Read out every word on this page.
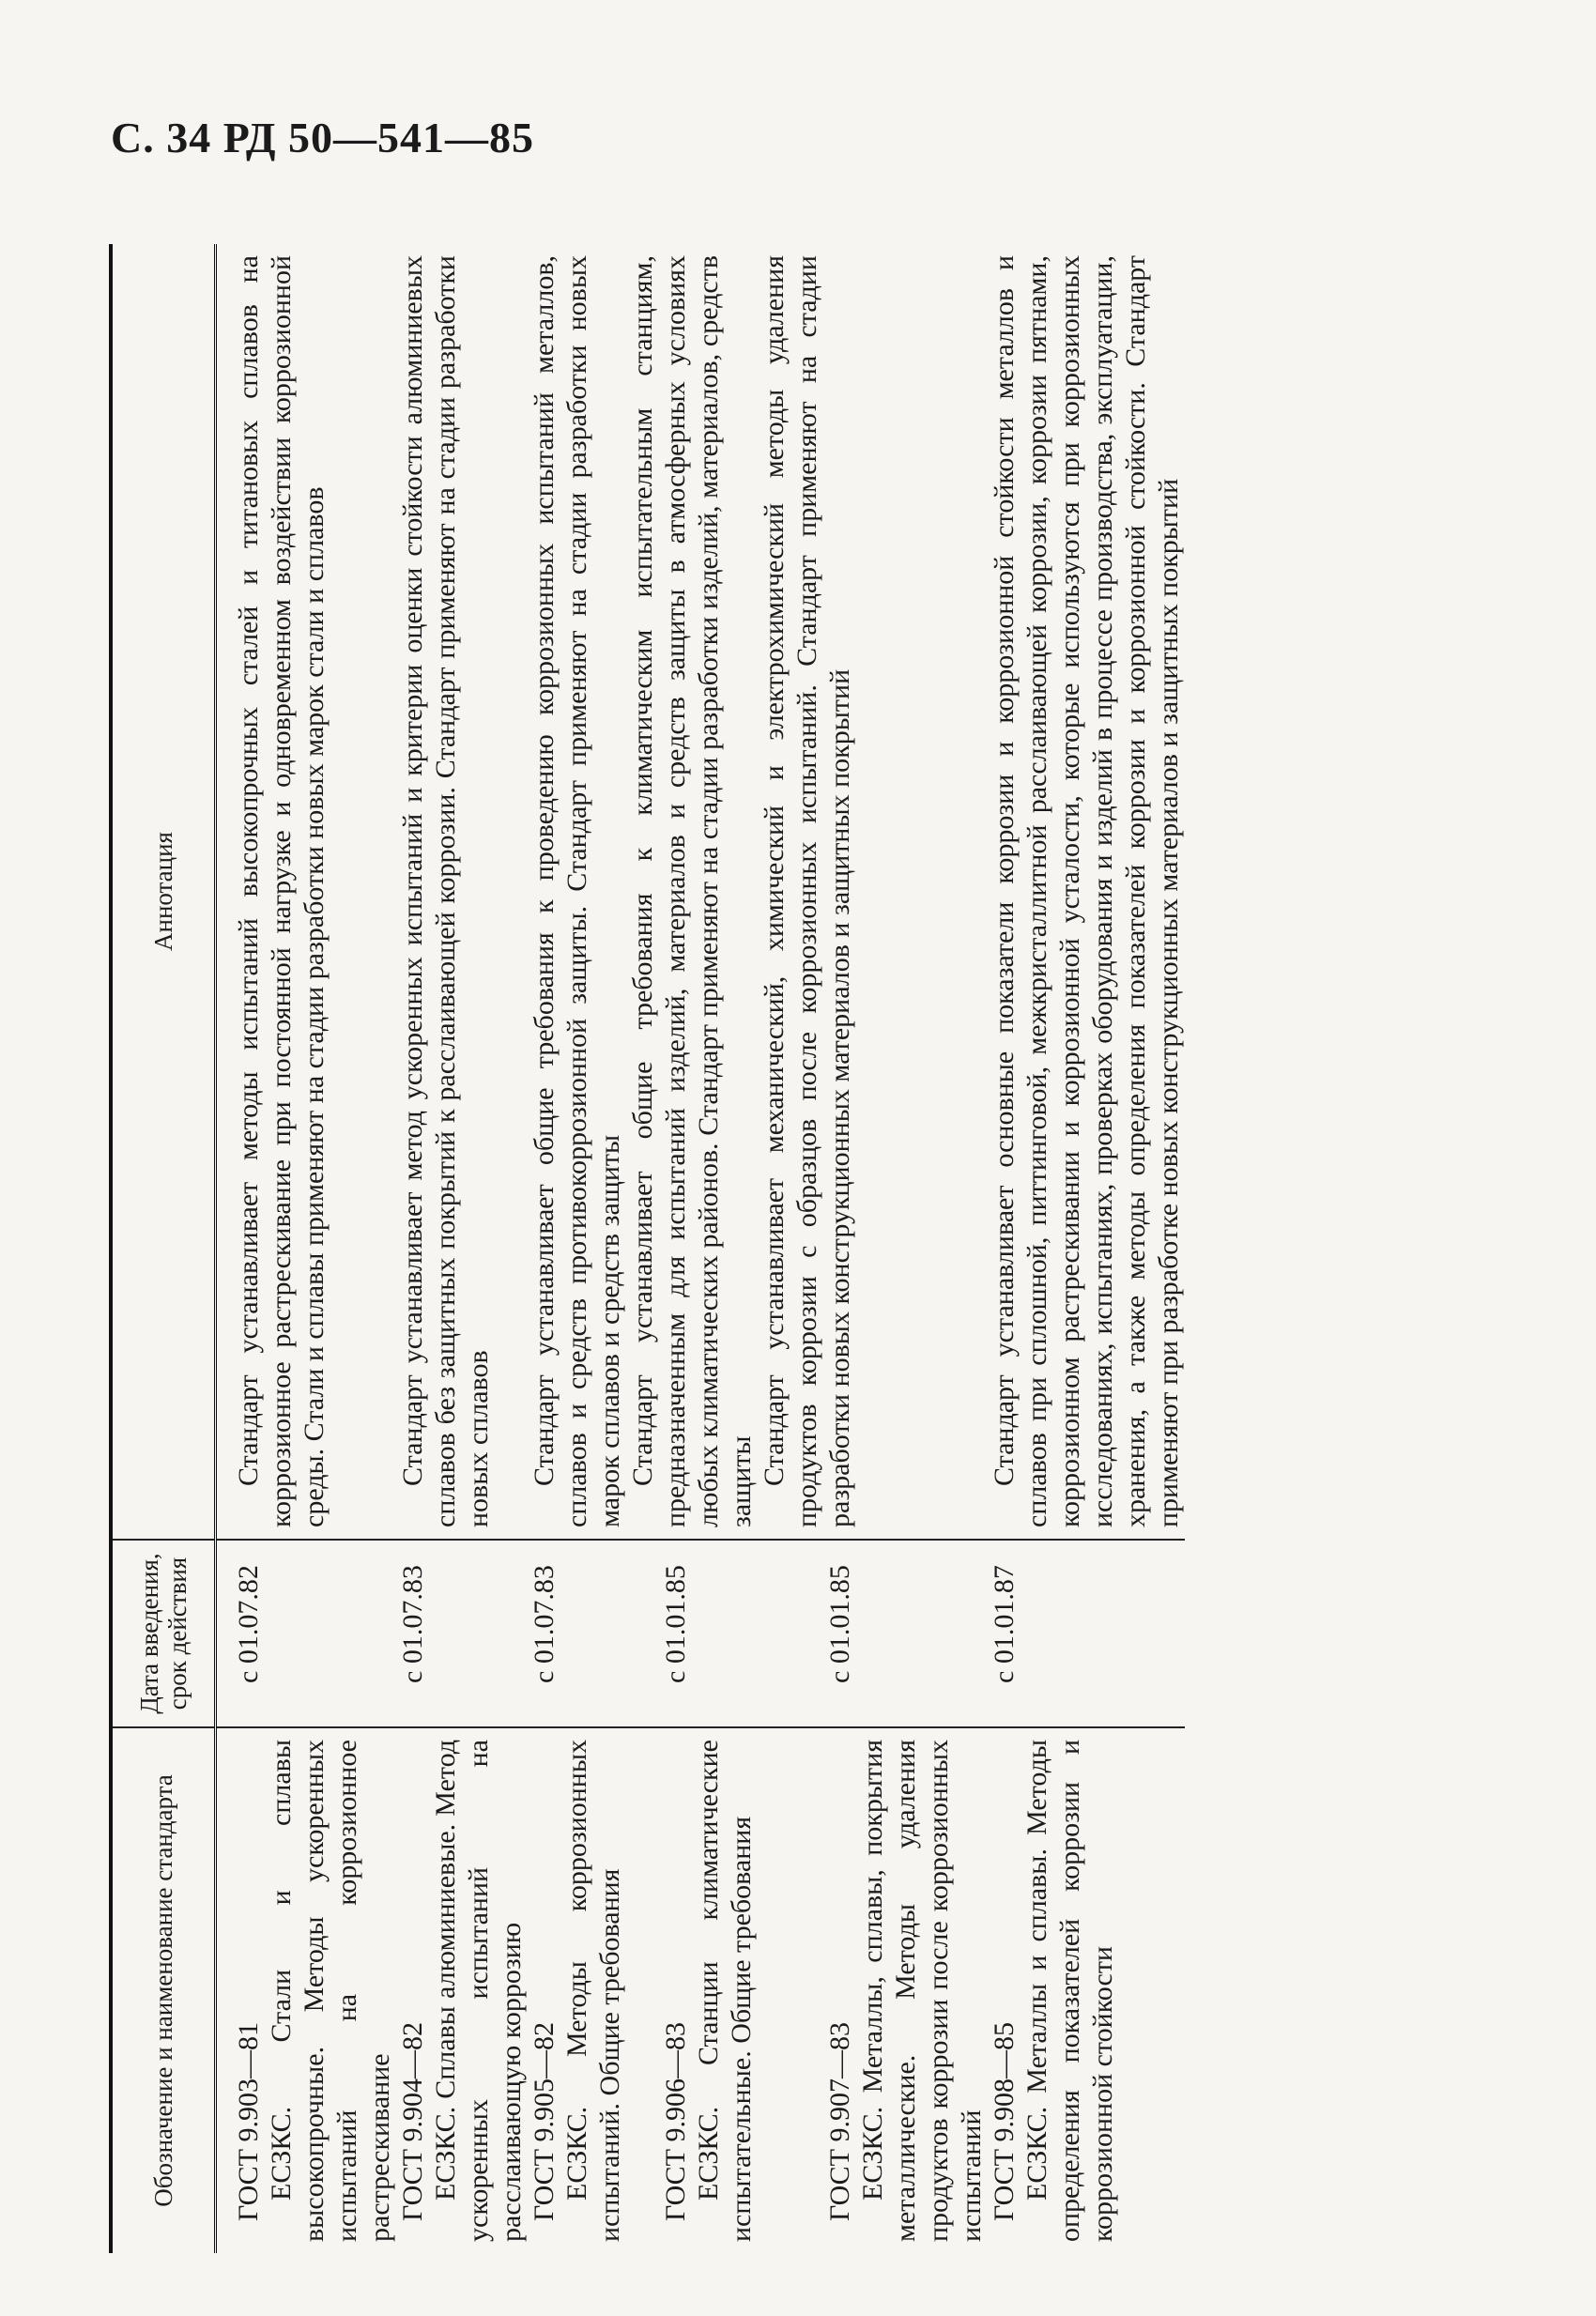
С. 34 РД 50—541—85
Обозначение и наименование стандарта	Дата введения, срок действия	Аннотация

ГОСТ 9.903—81 ЕСЗКС. Стали и сплавы высокопрочные. Методы ускоренных испытаний на коррозионное растрескивание	с 01.07.82	Стандарт устанавливает методы испытаний высокопрочных сталей и титановых сплавов на коррозионное растрескивание при постоянной нагрузке и одновременном воздействии коррозионной среды. Стали и сплавы применяют на стадии разработки новых марок стали и сплавов

ГОСТ 9.904—82 ЕСЗКС. Сплавы алюминиевые. Метод ускоренных испытаний на расслаивающую коррозию	с 01.07.83	Стандарт устанавливает метод ускоренных испытаний и критерии оценки стойкости алюминиевых сплавов без защитных покрытий к расслаивающей коррозии. Стандарт применяют на стадии разработки новых сплавов

ГОСТ 9.905—82 ЕСЗКС. Методы коррозионных испытаний. Общие требования	с 01.07.83	Стандарт устанавливает общие требования к проведению коррозионных испытаний металлов, сплавов и средств противокоррозионной защиты. Стандарт применяют на стадии разработки новых марок сплавов и средств защиты

ГОСТ 9.906—83 ЕСЗКС. Станции климатические испытательные. Общие требования	с 01.01.85	Стандарт устанавливает общие требования к климатическим испытательным станциям, предназначенным для испытаний изделий, материалов и средств защиты в атмосферных условиях любых климатических районов. Стандарт применяют на стадии разработки изделий, материалов, средств защиты

ГОСТ 9.907—83 ЕСЗКС. Металлы, сплавы, покрытия металлические. Методы удаления продуктов коррозии после коррозионных испытаний	с 01.01.85	Стандарт устанавливает механический, химический и электрохимический методы удаления продуктов коррозии с образцов после коррозионных испытаний. Стандарт применяют на стадии разработки новых конструкционных материалов и защитных покрытий

ГОСТ 9.908—85 ЕСЗКС. Металлы и сплавы. Методы определения показателей коррозии и коррозионной стойкости	с 01.01.87	Стандарт устанавливает основные показатели коррозии и коррозионной стойкости металлов и сплавов при сплошной, питтинговой, межкристаллитной расслаивающей коррозии, коррозии пятнами, коррозионном растрескивании и коррозионной усталости, которые используются при коррозионных исследованиях, испытаниях, проверках оборудования и изделий в процессе производства, эксплуатации, хранения, а также методы определения показателей коррозии и коррозионной стойкости. Стандарт применяют при разработке новых конструкционных материалов и защитных покрытий
